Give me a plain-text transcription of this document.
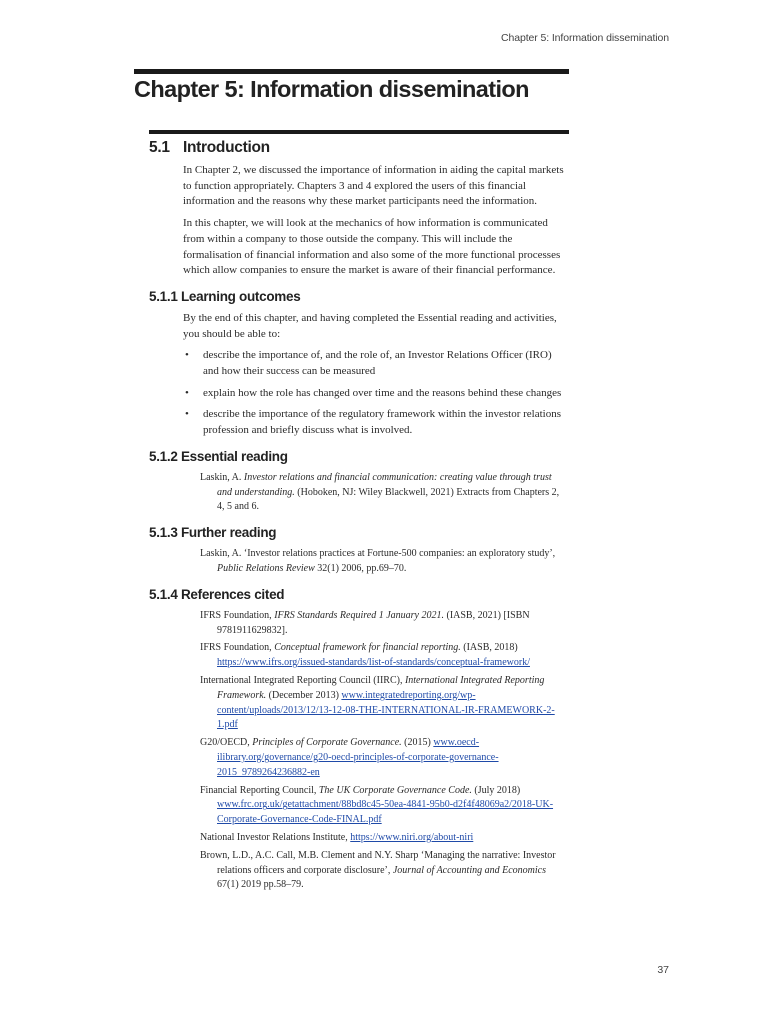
Chapter 5: Information dissemination
Chapter 5: Information dissemination
5.1 Introduction

In Chapter 2, we discussed the importance of information in aiding the capital markets to function appropriately. Chapters 3 and 4 explored the users of this financial information and the reasons why these market participants need the information.

In this chapter, we will look at the mechanics of how information is communicated from within a company to those outside the company. This will include the formalisation of financial information and also some of the more functional processes which allow companies to ensure the market is aware of their financial performance.

5.1.1 Learning outcomes

By the end of this chapter, and having completed the Essential reading and activities, you should be able to:

• describe the importance of, and the role of, an Investor Relations Officer (IRO) and how their success can be measured
• explain how the role has changed over time and the reasons behind these changes
• describe the importance of the regulatory framework within the investor relations profession and briefly discuss what is involved.
5.1.2 Essential reading

Laskin, A. Investor relations and financial communication: creating value through trust and understanding. (Hoboken, NJ: Wiley Blackwell, 2021) Extracts from Chapters 2, 4, 5 and 6.

5.1.3 Further reading

Laskin, A. ‘Investor relations practices at Fortune-500 companies: an exploratory study’, Public Relations Review 32(1) 2006, pp.69–70.

5.1.4 References cited

IFRS Foundation, IFRS Standards Required 1 January 2021. (IASB, 2021) [ISBN 9781911629832].

IFRS Foundation, Conceptual framework for financial reporting. (IASB, 2018) https://www.ifrs.org/issued-standards/list-of-standards/conceptual-framework/

International Integrated Reporting Council (IIRC), International Integrated Reporting Framework. (December 2013) www.integratedreporting.org/wp-content/uploads/2013/12/13-12-08-THE-INTERNATIONAL-IR-FRAMEWORK-2-1.pdf

G20/OECD, Principles of Corporate Governance. (2015) www.oecd-ilibrary.org/governance/g20-oecd-principles-of-corporate-governance-2015_9789264236882-en

Financial Reporting Council, The UK Corporate Governance Code. (July 2018) www.frc.org.uk/getattachment/88bd8c45-50ea-4841-95b0-d2f4f48069a2/2018-UK-Corporate-Governance-Code-FINAL.pdf

National Investor Relations Institute, https://www.niri.org/about-niri

Brown, L.D., A.C. Call, M.B. Clement and N.Y. Sharp ‘Managing the narrative: Investor relations officers and corporate disclosure’, Journal of Accounting and Economics 67(1) 2019 pp.58–79.

37
